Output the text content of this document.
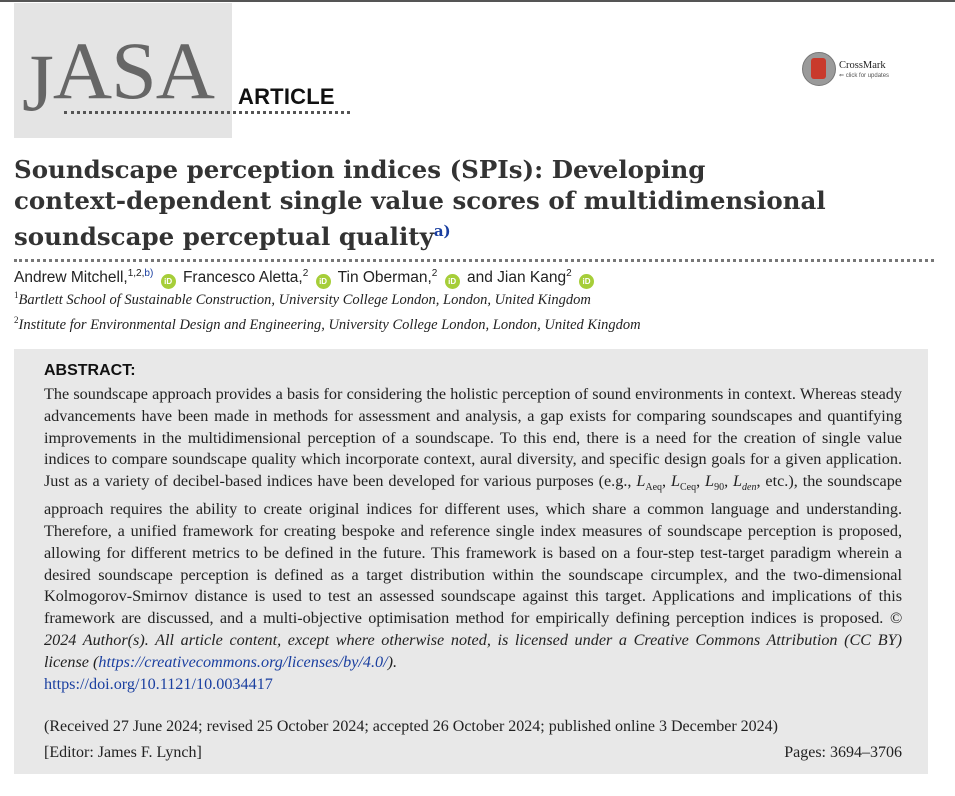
JASA ARTICLE
CrossMark
⇐ click for updates
Soundscape perception indices (SPIs): Developing
context-dependent single value scores of multidimensional
soundscape perceptual quality$^{a)}$
Andrew Mitchell,$^{1,2,b)}$ iD Francesco Aletta,$^2$ iD Tin Oberman,$^2$ iD and Jian Kang$^2$ iD
$^1$Bartlett School of Sustainable Construction, University College London, London, United Kingdom
$^2$Institute for Environmental Design and Engineering, University College London, London, United Kingdom
ABSTRACT:
The soundscape approach provides a basis for considering the holistic perception of sound environments in context. Whereas steady advancements have been made in methods for assessment and analysis, a gap exists for comparing soundscapes and quantifying improvements in the multidimensional perception of a soundscape. To this end, there is a need for the creation of single value indices to compare soundscape quality which incorporate context, aural diversity, and specific design goals for a given application. Just as a variety of decibel-based indices have been developed for various purposes (e.g., $L_{Aeq}$, $L_{Ceq}$, $L_{90}$, $L_{den}$, etc.), the soundscape approach requires the ability to create original indices for different uses, which share a common language and understanding. Therefore, a unified framework for creating bespoke and reference single index measures of soundscape perception is proposed, allowing for different metrics to be defined in the future. This framework is based on a four-step test-target paradigm wherein a desired soundscape perception is defined as a target distribution within the soundscape circumplex, and the two-dimensional Kolmogorov-Smirnov distance is used to test an assessed soundscape against this target. Applications and implications of this framework are discussed, and a multi-objective optimisation method for empirically defining perception indices is proposed. © 2024 Author(s). All article content, except where otherwise noted, is licensed under a Creative Commons Attribution (CC BY) license (https://creativecommons.org/licenses/by/4.0/).
https://doi.org/10.1121/10.0034417
(Received 27 June 2024; revised 25 October 2024; accepted 26 October 2024; published online 3 December 2024)
[Editor: James F. Lynch]	Pages: 3694–3706
